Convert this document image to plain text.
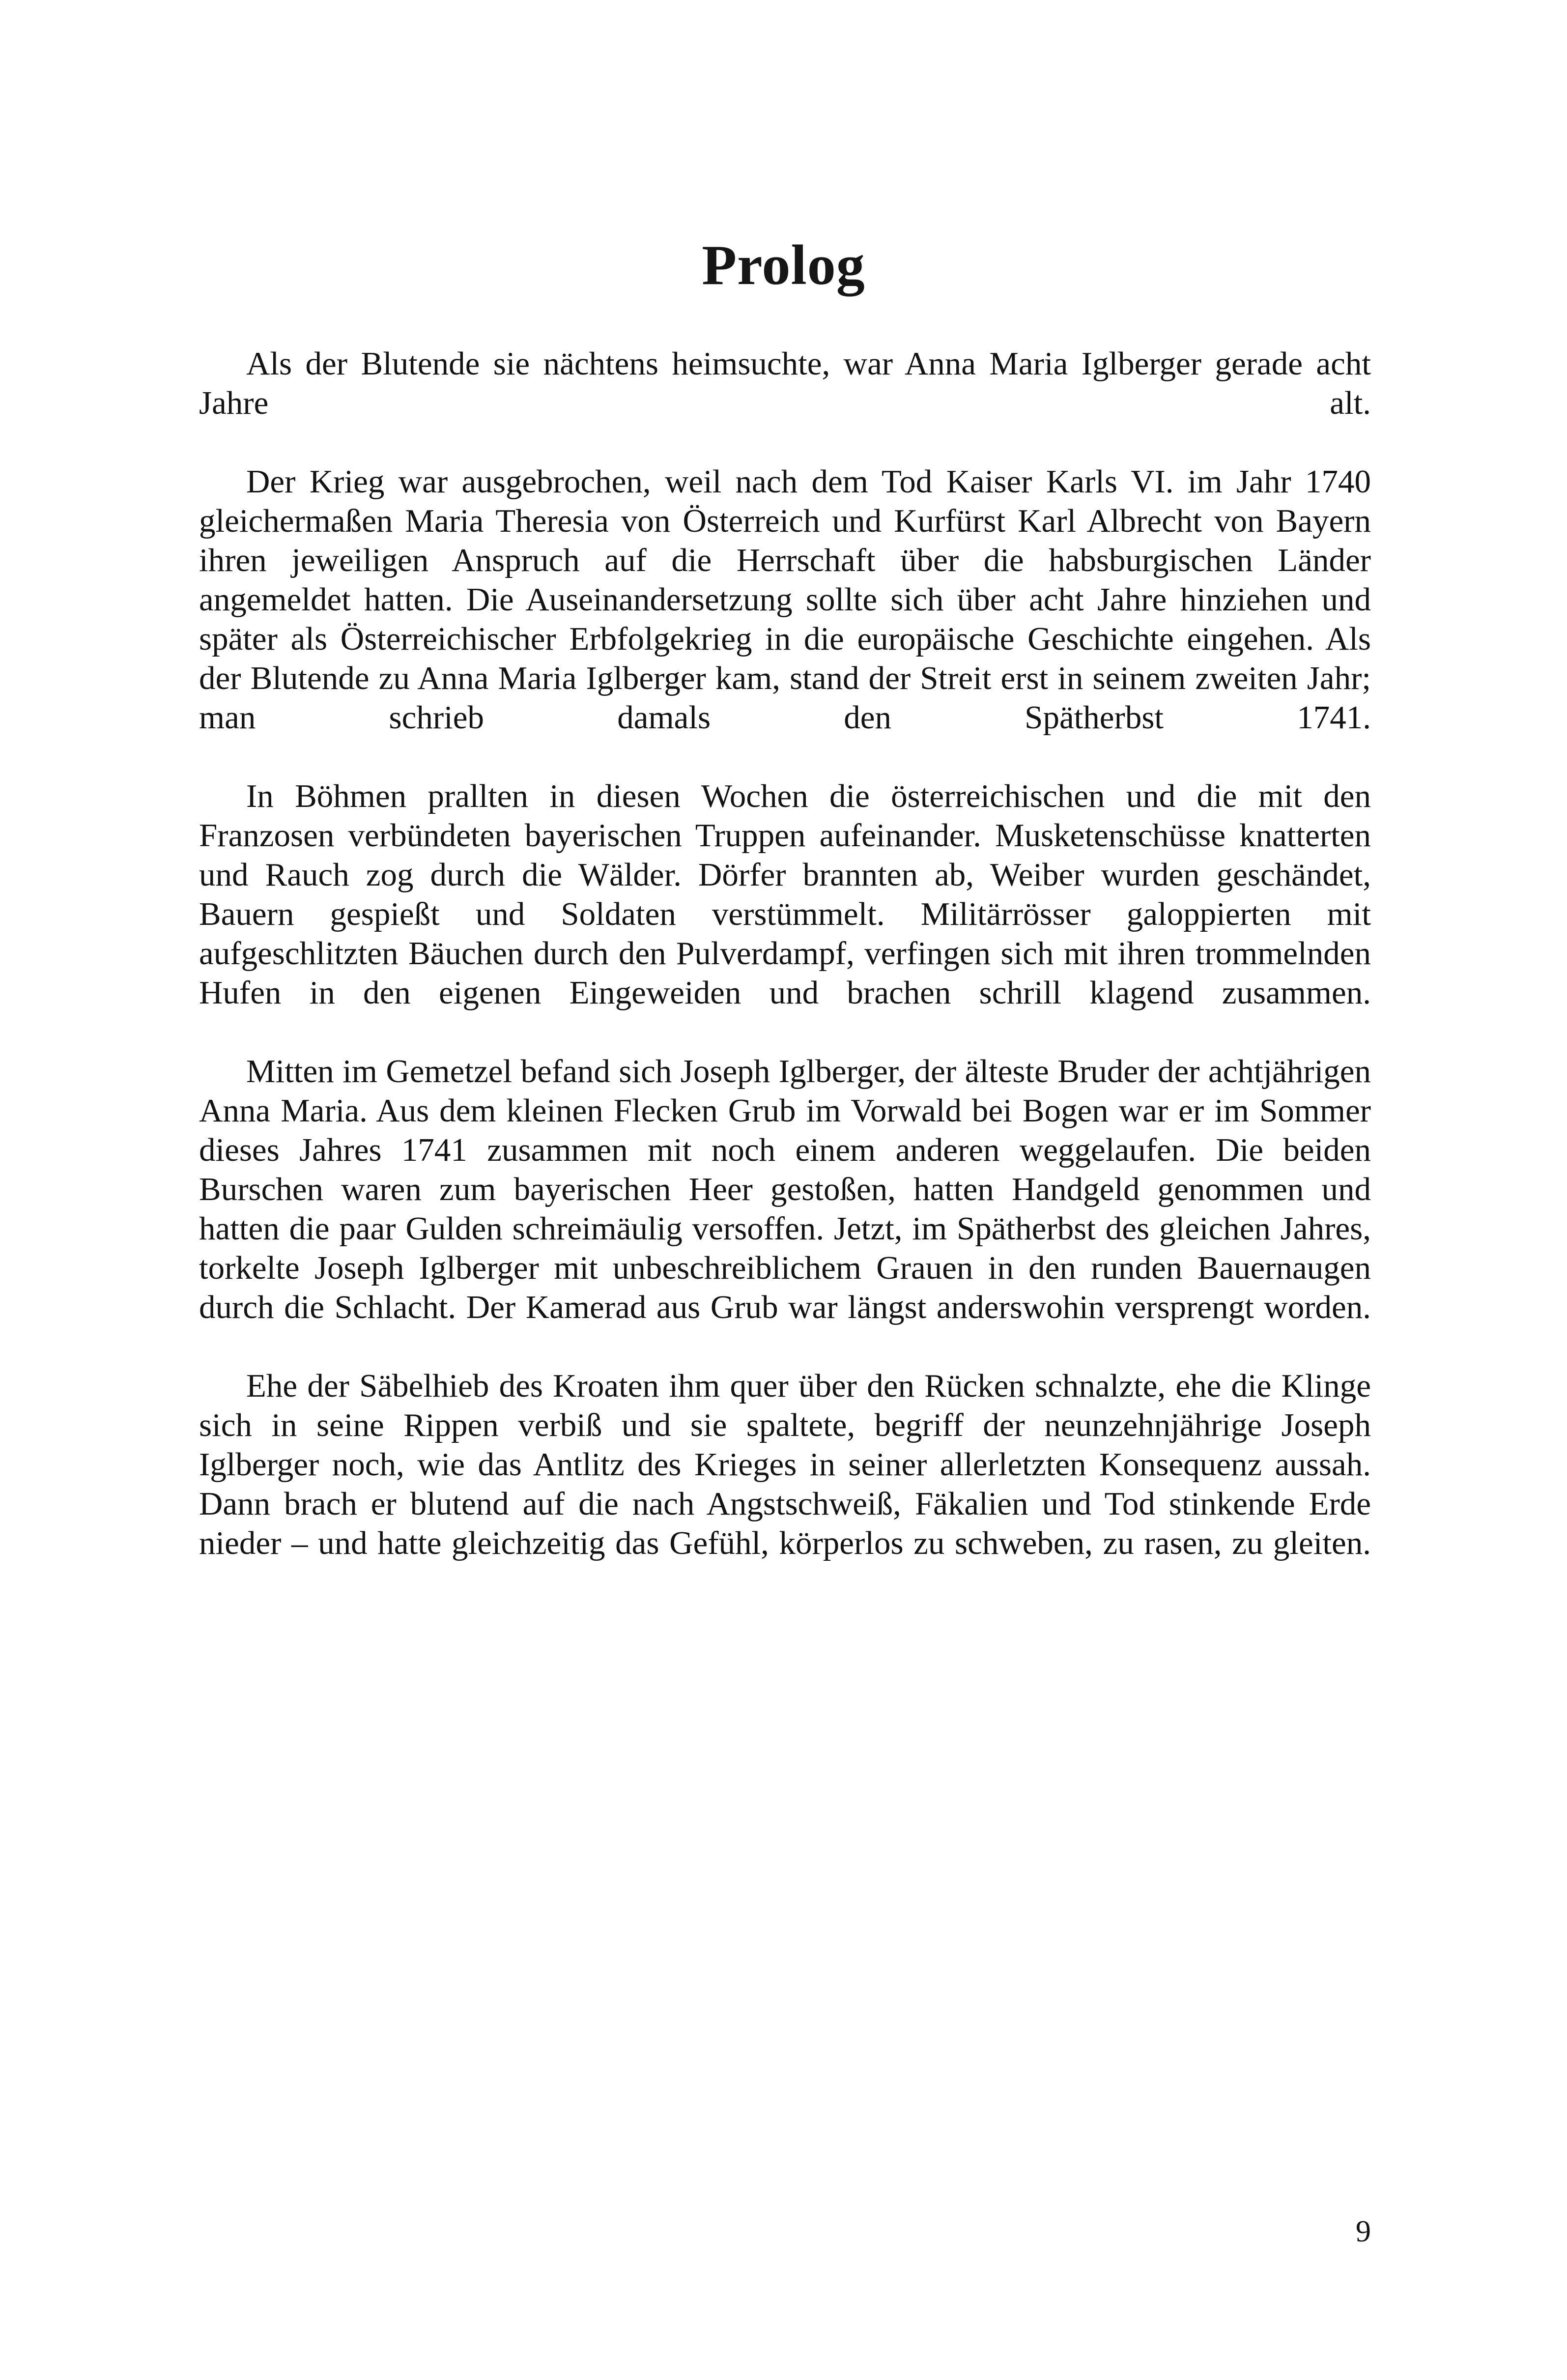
Prolog

Als der Blutende sie nächtens heimsuchte, war Anna Maria Iglberger gerade acht Jahre alt.

Der Krieg war ausgebrochen, weil nach dem Tod Kaiser Karls VI. im Jahr 1740 gleichermaßen Maria Theresia von Österreich und Kurfürst Karl Albrecht von Bayern ihren jeweiligen Anspruch auf die Herrschaft über die habsburgischen Länder angemeldet hatten. Die Auseinandersetzung sollte sich über acht Jahre hinziehen und später als Österreichischer Erbfolgekrieg in die europäische Geschichte eingehen. Als der Blutende zu Anna Maria Iglberger kam, stand der Streit erst in seinem zweiten Jahr; man schrieb damals den Spätherbst 1741.

In Böhmen prallten in diesen Wochen die österreichischen und die mit den Franzosen verbündeten bayerischen Truppen aufeinander. Musketenschüsse knatterten und Rauch zog durch die Wälder. Dörfer brannten ab, Weiber wurden geschändet, Bauern gespießt und Soldaten verstümmelt. Militärrösser galoppierten mit aufgeschlitzten Bäuchen durch den Pulverdampf, verfingen sich mit ihren trommelnden Hufen in den eigenen Eingeweiden und brachen schrill klagend zusammen.

Mitten im Gemetzel befand sich Joseph Iglberger, der älteste Bruder der achtjährigen Anna Maria. Aus dem kleinen Flecken Grub im Vorwald bei Bogen war er im Sommer dieses Jahres 1741 zusammen mit noch einem anderen weggelaufen. Die beiden Burschen waren zum bayerischen Heer gestoßen, hatten Handgeld genommen und hatten die paar Gulden schreimäulig versoffen. Jetzt, im Spätherbst des gleichen Jahres, torkelte Joseph Iglberger mit unbeschreiblichem Grauen in den runden Bauernaugen durch die Schlacht. Der Kamerad aus Grub war längst anderswohin versprengt worden.

Ehe der Säbelhieb des Kroaten ihm quer über den Rücken schnalzte, ehe die Klinge sich in seine Rippen verbiß und sie spaltete, begriff der neunzehnjährige Joseph Iglberger noch, wie das Antlitz des Krieges in seiner allerletzten Konsequenz aussah. Dann brach er blutend auf die nach Angstschweiß, Fäkalien und Tod stinkende Erde nieder – und hatte gleichzeitig das Gefühl, körperlos zu schweben, zu rasen, zu gleiten.

9
